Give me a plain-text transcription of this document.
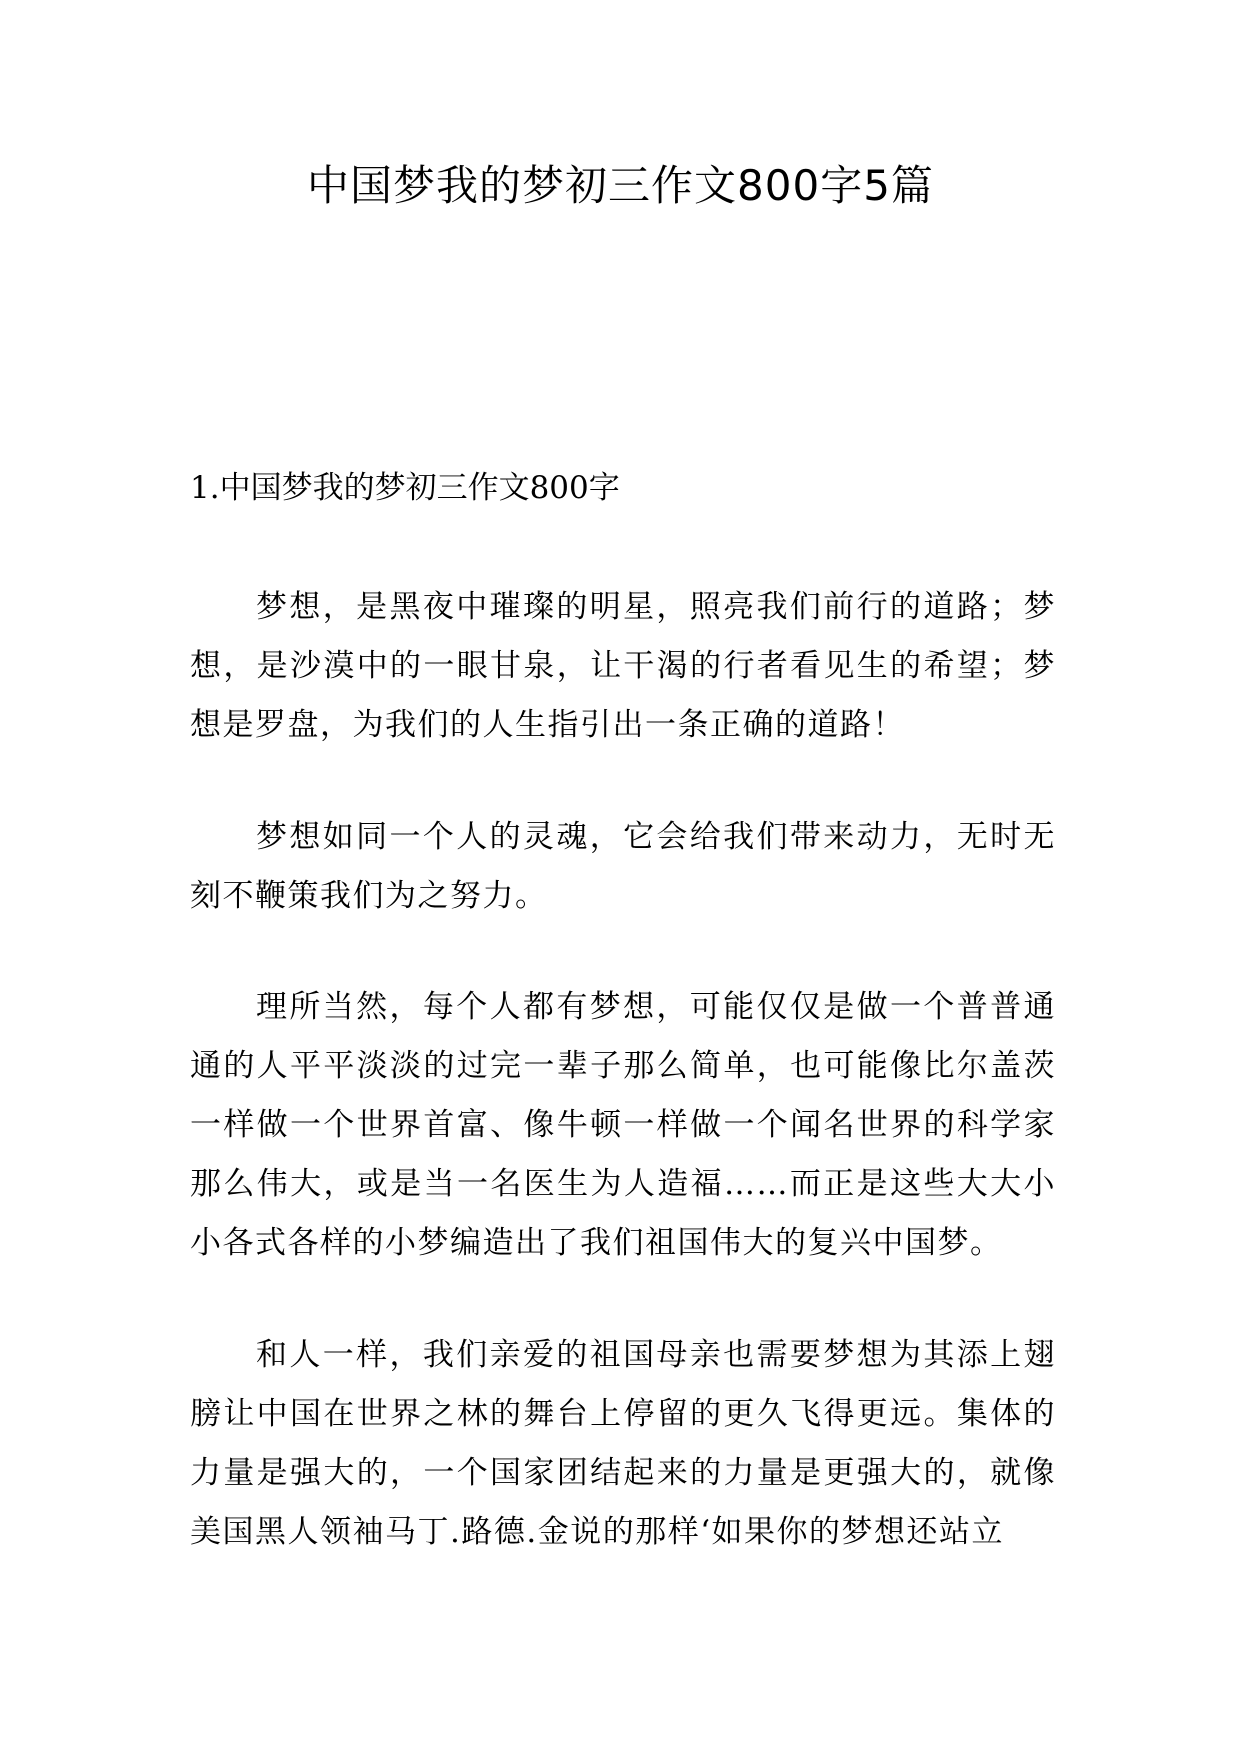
中国梦我的梦初三作文800字5篇
1.中国梦我的梦初三作文800字

梦想，是黑夜中璀璨的明星，照亮我们前行的道路；梦想，是沙漠中的一眼甘泉，让干渴的行者看见生的希望；梦想是罗盘，为我们的人生指引出一条正确的道路！

梦想如同一个人的灵魂，它会给我们带来动力，无时无刻不鞭策我们为之努力。

理所当然，每个人都有梦想，可能仅仅是做一个普普通通的人平平淡淡的过完一辈子那么简单，也可能像比尔盖茨一样做一个世界首富、像牛顿一样做一个闻名世界的科学家那么伟大，或是当一名医生为人造福……而正是这些大大小小各式各样的小梦编造出了我们祖国伟大的复兴中国梦。

和人一样，我们亲爱的祖国母亲也需要梦想为其添上翅膀让中国在世界之林的舞台上停留的更久飞得更远。集体的力量是强大的，一个国家团结起来的力量是更强大的，就像美国黑人领袖马丁.路德.金说的那样‘如果你的梦想还站立
